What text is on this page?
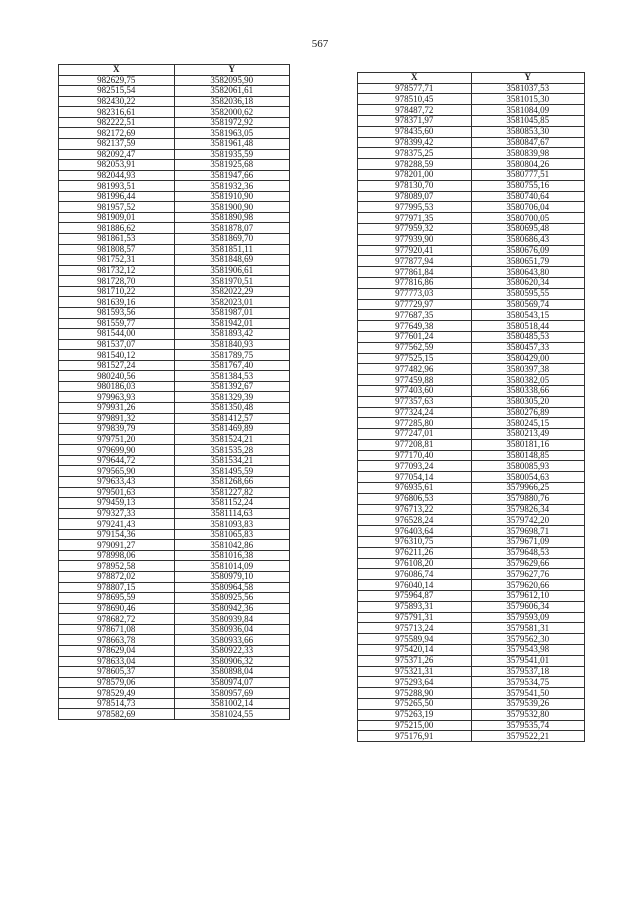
567
X	Y
982629,75	3582095,90
982515,54	3582061,61
982430,22	3582036,18
982316,61	3582000,62
982222,51	3581972,92
982172,69	3581963,05
982137,59	3581961,48
982092,47	3581935,59
982053,91	3581925,68
982044,93	3581947,66
981993,51	3581932,36
981996,44	3581910,90
981957,52	3581900,90
981909,01	3581890,98
981886,62	3581878,07
981861,53	3581869,70
981808,57	3581851,11
981752,31	3581848,69
981732,12	3581906,61
981728,70	3581970,51
981710,22	3582022,29
981639,16	3582023,01
981593,56	3581987,01
981559,77	3581942,01
981544,00	3581893,42
981537,07	3581840,93
981540,12	3581789,75
981527,24	3581767,40
980240,56	3581384,53
980186,03	3581392,67
979963,93	3581329,39
979931,26	3581350,48
979891,32	3581412,57
979839,79	3581469,89
979751,20	3581524,21
979699,90	3581535,28
979644,72	3581534,21
979565,90	3581495,59
979633,43	3581268,66
979501,63	3581227,82
979459,13	3581152,24
979327,33	3581114,63
979241,43	3581093,83
979154,36	3581065,83
979091,27	3581042,86
978998,06	3581016,38
978952,58	3581014,09
978872,02	3580979,10
978807,15	3580964,58
978695,59	3580925,56
978690,46	3580942,36
978682,72	3580939,84
978671,08	3580936,04
978663,78	3580933,66
978629,04	3580922,33
978633,04	3580906,32
978605,37	3580898,04
978579,06	3580974,07
978529,49	3580957,69
978514,73	3581002,14
978582,69	3581024,55
X	Y
978577,71	3581037,53
978510,45	3581015,30
978487,72	3581084,09
978371,97	3581045,85
978435,60	3580853,30
978399,42	3580847,67
978375,25	3580839,98
978288,59	3580804,26
978201,00	3580777,51
978130,70	3580755,16
978089,07	3580740,64
977995,53	3580706,04
977971,35	3580700,05
977959,32	3580695,48
977939,90	3580686,43
977920,41	3580676,09
977877,94	3580651,79
977861,84	3580643,80
977816,86	3580620,34
977773,03	3580595,55
977729,97	3580569,74
977687,35	3580543,15
977649,38	3580518,44
977601,24	3580485,53
977562,59	3580457,33
977525,15	3580429,00
977482,96	3580397,38
977459,88	3580382,05
977403,60	3580338,66
977357,63	3580305,20
977324,24	3580276,89
977285,80	3580245,15
977247,01	3580213,49
977208,81	3580181,16
977170,40	3580148,85
977093,24	3580085,93
977054,14	3580054,63
976935,61	3579966,25
976806,53	3579880,76
976713,22	3579826,34
976528,24	3579742,20
976403,64	3579698,71
976310,75	3579671,09
976211,26	3579648,53
976108,20	3579629,66
976086,74	3579627,76
976040,14	3579620,66
975964,87	3579612,10
975893,31	3579606,34
975791,31	3579593,09
975713,24	3579581,31
975589,94	3579562,30
975420,14	3579543,98
975371,26	3579541,01
975321,31	3579537,18
975293,64	3579534,75
975288,90	3579541,50
975265,50	3579539,26
975263,19	3579532,80
975215,00	3579535,74
975176,91	3579522,21
